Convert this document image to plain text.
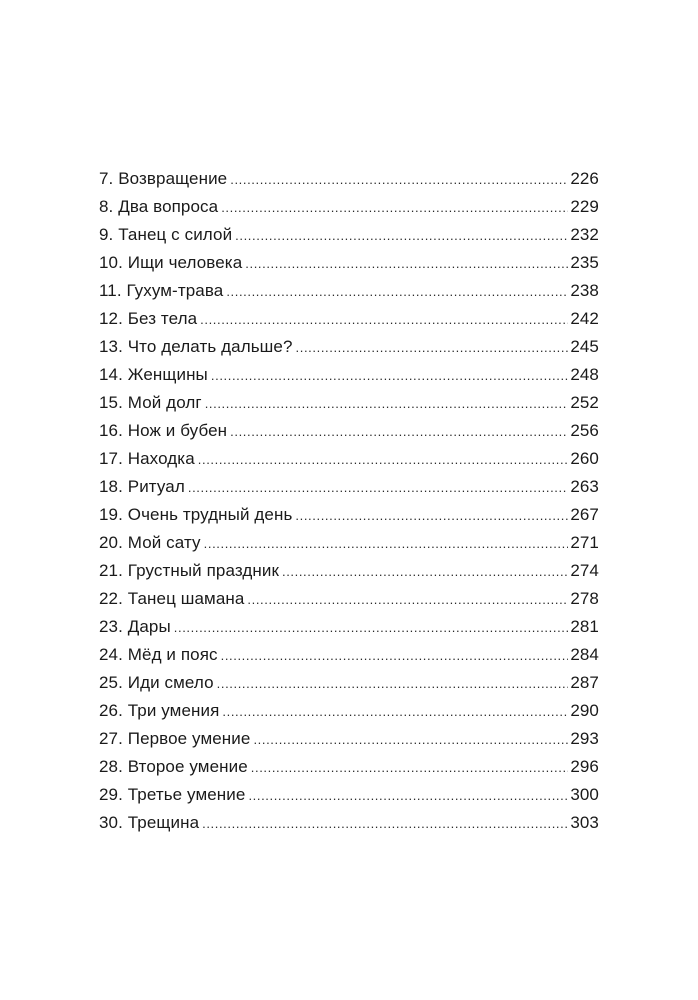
7. Возвращение .....	226
8. Два вопроса .....	229
9. Танец с силой .....	232
10. Ищи человека .....	235
11. Гухум-трава .....	238
12. Без тела .....	242
13. Что делать дальше? .....	245
14. Женщины .....	248
15. Мой долг .....	252
16. Нож и бубен .....	256
17. Находка .....	260
18. Ритуал .....	263
19. Очень трудный день .....	267
20. Мой сату .....	271
21. Грустный праздник .....	274
22. Танец шамана .....	278
23. Дары .....	281
24. Мёд и пояс .....	284
25. Иди смело .....	287
26. Три умения .....	290
27. Первое умение .....	293
28. Второе умение .....	296
29. Третье умение .....	300
30. Трещина .....	303
